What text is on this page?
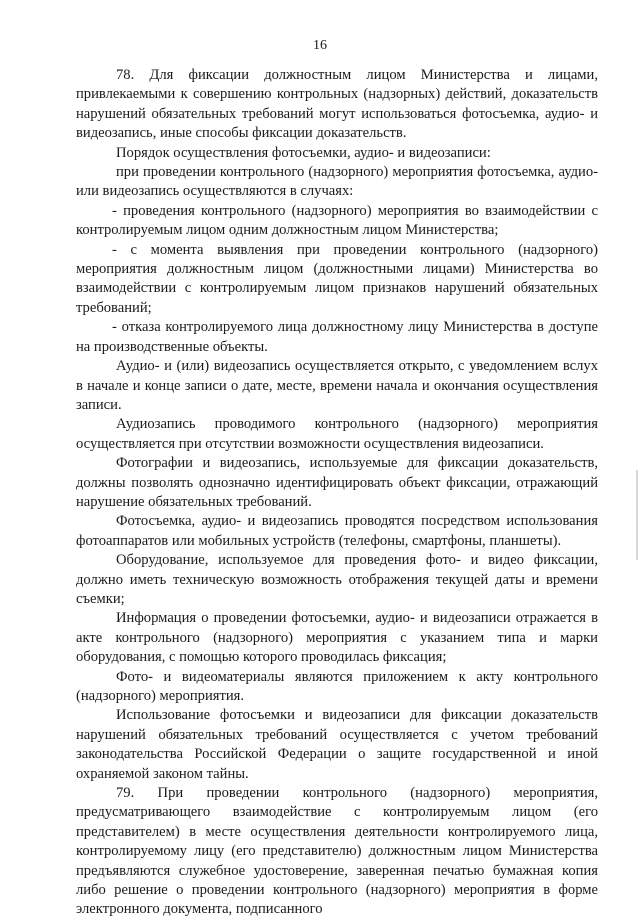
16

78. Для фиксации должностным лицом Министерства и лицами, привлекаемыми к совершению контрольных (надзорных) действий, доказательств нарушений обязательных требований могут использоваться фотосъемка, аудио- и видеозапись, иные способы фиксации доказательств.

Порядок осуществления фотосъемки, аудио- и видеозаписи:

при проведении контрольного (надзорного) мероприятия фотосъемка, аудио- или видеозапись осуществляются в случаях:

- проведения контрольного (надзорного) мероприятия во взаимодействии с контролируемым лицом одним должностным лицом Министерства;

- с момента выявления при проведении контрольного (надзорного) мероприятия должностным лицом (должностными лицами) Министерства во взаимодействии с контролируемым лицом признаков нарушений обязательных требований;

- отказа контролируемого лица должностному лицу Министерства в доступе на производственные объекты.

Аудио- и (или) видеозапись осуществляется открыто, с уведомлением вслух в начале и конце записи о дате, месте, времени начала и окончания осуществления записи.

Аудиозапись проводимого контрольного (надзорного) мероприятия осуществляется при отсутствии возможности осуществления видеозаписи.

Фотографии и видеозапись, используемые для фиксации доказательств, должны позволять однозначно идентифицировать объект фиксации, отражающий нарушение обязательных требований.

Фотосъемка, аудио- и видеозапись проводятся посредством использования фотоаппаратов или мобильных устройств (телефоны, смартфоны, планшеты).

Оборудование, используемое для проведения фото- и видео фиксации, должно иметь техническую возможность отображения текущей даты и времени съемки;

Информация о проведении фотосъемки, аудио- и видеозаписи отражается в акте контрольного (надзорного) мероприятия с указанием типа и марки оборудования, с помощью которого проводилась фиксация;

Фото- и видеоматериалы являются приложением к акту контрольного (надзорного) мероприятия.

Использование фотосъемки и видеозаписи для фиксации доказательств нарушений обязательных требований осуществляется с учетом требований законодательства Российской Федерации о защите государственной и иной охраняемой законом тайны.

79. При проведении контрольного (надзорного) мероприятия, предусматривающего взаимодействие с контролируемым лицом (его представителем) в месте осуществления деятельности контролируемого лица, контролируемому лицу (его представителю) должностным лицом Министерства предъявляются служебное удостоверение, заверенная печатью бумажная копия либо решение о проведении контрольного (надзорного) мероприятия в форме электронного документа, подписанного
